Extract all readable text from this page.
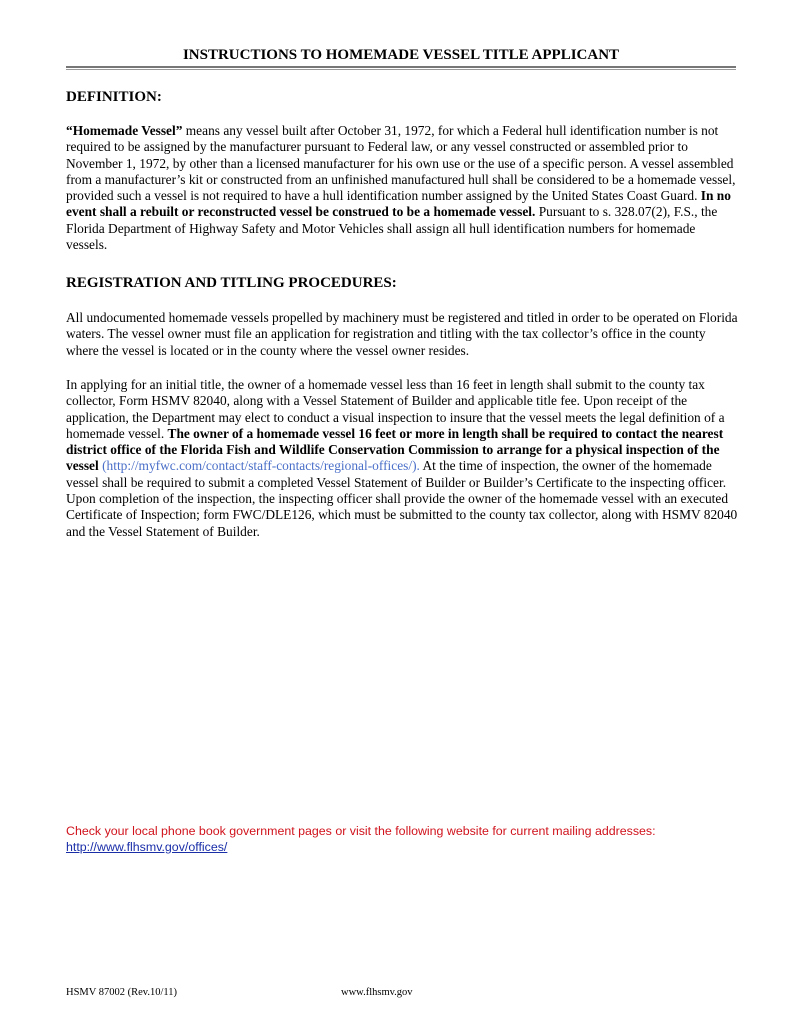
INSTRUCTIONS TO HOMEMADE VESSEL TITLE APPLICANT
DEFINITION:

“Homemade Vessel” means any vessel built after October 31, 1972, for which a Federal hull identification number is not required to be assigned by the manufacturer pursuant to Federal law, or any vessel constructed or assembled prior to November 1, 1972, by other than a licensed manufacturer for his own use or the use of a specific person. A vessel assembled from a manufacturer’s kit or constructed from an unfinished manufactured hull shall be considered to be a homemade vessel, provided such a vessel is not required to have a hull identification number assigned by the United States Coast Guard. In no event shall a rebuilt or reconstructed vessel be construed to be a homemade vessel. Pursuant to s. 328.07(2), F.S., the Florida Department of Highway Safety and Motor Vehicles shall assign all hull identification numbers for homemade vessels.

REGISTRATION AND TITLING PROCEDURES:

All undocumented homemade vessels propelled by machinery must be registered and titled in order to be operated on Florida waters. The vessel owner must file an application for registration and titling with the tax collector’s office in the county where the vessel is located or in the county where the vessel owner resides.

In applying for an initial title, the owner of a homemade vessel less than 16 feet in length shall submit to the county tax collector, Form HSMV 82040, along with a Vessel Statement of Builder and applicable title fee. Upon receipt of the application, the Department may elect to conduct a visual inspection to insure that the vessel meets the legal definition of a homemade vessel. The owner of a homemade vessel 16 feet or more in length shall be required to contact the nearest district office of the Florida Fish and Wildlife Conservation Commission to arrange for a physical inspection of the vessel (http://myfwc.com/contact/staff-contacts/regional-offices/). At the time of inspection, the owner of the homemade vessel shall be required to submit a completed Vessel Statement of Builder or Builder’s Certificate to the inspecting officer. Upon completion of the inspection, the inspecting officer shall provide the owner of the homemade vessel with an executed Certificate of Inspection; form FWC/DLE126, which must be submitted to the county tax collector, along with HSMV 82040 and the Vessel Statement of Builder.

Check your local phone book government pages or visit the following website for current mailing addresses:
http://www.flhsmv.gov/offices/
HSMV 87002 (Rev.10/11)	www.flhsmv.gov
